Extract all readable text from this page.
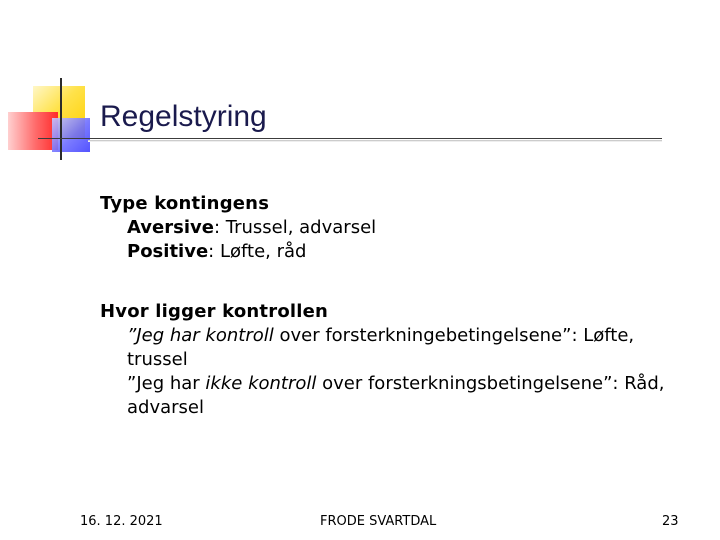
Regelstyring
Type kontingens
Aversive: Trussel, advarsel
Positive: Løfte, råd
Hvor ligger kontrollen
”Jeg har kontroll over forsterkningebetingelsene”: Løfte, trussel
”Jeg har ikke kontroll over forsterkningsbetingelsene”: Råd, advarsel
16. 12. 2021	FRODE SVARTDAL	23
